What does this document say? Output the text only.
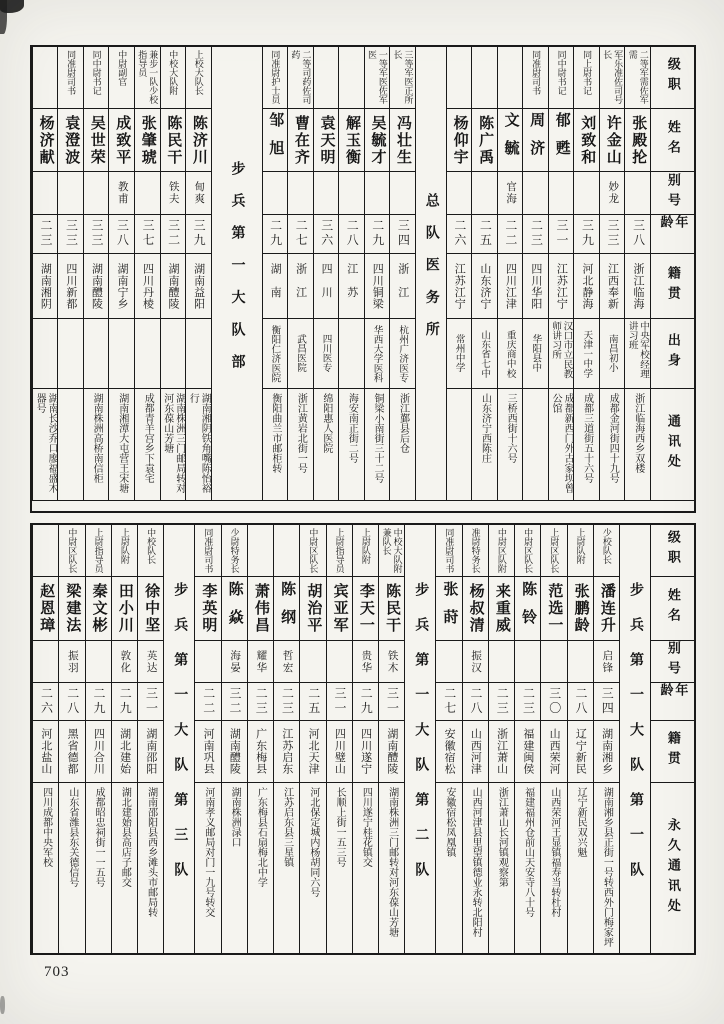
级职
姓名
别号
年龄
籍贯
出身
通讯处
二等军需佐军需
张殿抡
三八
浙江临海
中央军校经理讲习班
浙江临海西乡双楼
军乐准佐司号长
许金山
妙龙
三三
江西奉新
南昌初小
成都金河街四十九号
同上尉书记
刘致和
三九
河北静海
天津一中学
成都三道街五十六号
同中尉书记
郁甦
三一
江苏江宁
汉口市立民教师讲习所
成都新西门外古家坝曾公馆
同准尉司书
周济
二三
四川华阳
华阳县中
文毓
官海
二二
四川江津
重庆商中校
三桥西街十六号
陈广禹
二五
山东济宁
山东省七中
山东济宁西陈庄
杨仰宇
二六
江苏江宁
常州中学
总队医务所
三等军医正所长
冯壮生
三四
浙江
杭州广济医专
浙江鄞县后仓
一等军医佐军医
吴毓才
二九
四川铜梁
华西大学医科
铜梁小南街三十二号
解玉衡
二八
江苏
海安南正街二号
袁天明
三六
四川
四川医专
绵阳惠人医院
二等司药佐司药
曹在齐
二七
浙江
武昌医院
浙江黄岩北街一号
同准尉护士员
邹旭
二九
湖南
衡阳仁济医院
衡阳曲兰市邮柜转
步兵第一大队部
上校大队长
陈济川
甸爽
三九
湖南益阳
湖南湘阴铁角嘴陈怡裕行
中校大队附
陈民干
铁夫
三二
湖南醴陵
湖南株洲三门邮局转对河东葆山芳塘
兼步一队少校指导员
张肇琥
三七
四川丹棱
成都青羊宫乡下袁宅
中尉副官
成致平
教甫
三八
湖南宁乡
湖南湘潭大屯营王宋塘
同中尉书记
吴世荣
三三
湖南醴陵
湖南株洲高桥南信柜
同准尉司书
袁澄波
三三
四川新都
杨济献
二三
湖南湘阴
湖南长沙乔口廖福盛木器号
级职
姓名
别号
年龄
籍贯
永久通讯处
步兵第一大队第一队
少校队长
潘连升
启锋
三四
湖南湘乡
湖南湘乡县正街一号转西外门梅家坪
上尉队附
张鹏龄
二八
辽宁新民
辽宁新民双兴魁
上尉区队长
范选一
三〇
山西荣河
山西荣河王显镇福寿当转杜村
中尉区队长
陈铃
二三
福建闽侯
福建福州仓前山天安寺八十号
中尉区队附
来重威
二三
浙江萧山
浙江萧山长河镇观察第
准尉特务长
杨叔清
振汉
二八
山西河津
山西河津县里望镇德业永转北阳村
同准尉司书
张莳
二七
安徽宿松
安徽宿松凤凰镇
步兵第一大队第二队
中校大队附兼队长
陈民干
铁木
三一
湖南醴陵
湖南株洲三门邮转对河东葆山芳塘
上尉队附
李天一
贵华
二九
四川遂宁
四川遂宁桂花镇交
上尉指导员
宾亚军
三一
四川璧山
长顺上街一五三号
中尉区队长
胡治平
二五
河北天津
河北保定城内杨胡同六号
陈纲
哲宏
二三
江苏启东
江苏启东县三星镇
萧伟昌
耀华
二三
广东梅县
广东梅县石扇梅北中学
少尉特务长
陈焱
海晏
三二
湖南醴陵
湖南株洲渌口
同准尉司书
李英明
二二
河南巩县
河南孝义邮局对门一九号转交
步兵第一大队第三队
中校队长
徐中坚
英达
三一
湖南邵阳
湖南邵阳县西乡滩头市邮局转
上尉队附
田小川
敦化
二九
湖北建始
湖北建始县高店子邮交
上尉指导员
秦文彬
二九
四川合川
成都昭忠祠街一一五号
中尉区队长
梁建法
振羽
二八
黑省德都
山东省潍县东关德信号
赵恩璋
二六
河北盐山
四川成都中央军校
703
